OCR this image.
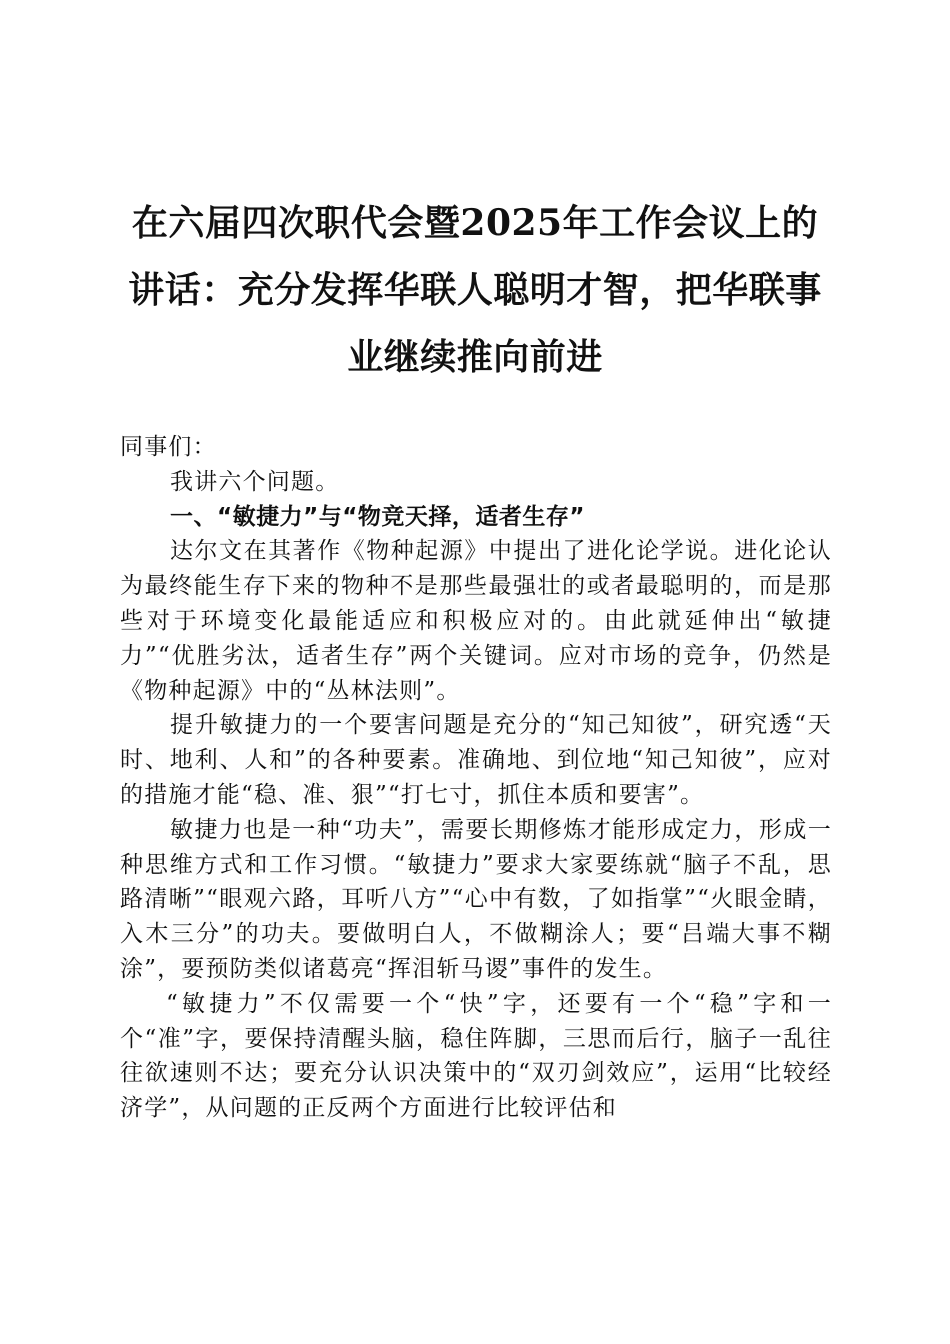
在六届四次职代会暨2025年工作会议上的讲话：充分发挥华联人聪明才智，把华联事业继续推向前进

同事们：

我讲六个问题。

一、“敏捷力”与“物竞天择，适者生存”

达尔文在其著作《物种起源》中提出了进化论学说。进化论认为最终能生存下来的物种不是那些最强壮的或者最聪明的，而是那些对于环境变化最能适应和积极应对的。由此就延伸出“敏捷力”“优胜劣汰，适者生存”两个关键词。应对市场的竞争，仍然是《物种起源》中的“丛林法则”。

提升敏捷力的一个要害问题是充分的“知己知彼”，研究透“天时、地利、人和”的各种要素。准确地、到位地“知己知彼”，应对的措施才能“稳、准、狠”“打七寸，抓住本质和要害”。

敏捷力也是一种“功夫”，需要长期修炼才能形成定力，形成一种思维方式和工作习惯。“敏捷力”要求大家要练就“脑子不乱，思路清晰”“眼观六路，耳听八方”“心中有数，了如指掌”“火眼金睛，入木三分”的功夫。要做明白人，不做糊涂人；要“吕端大事不糊涂”，要预防类似诸葛亮“挥泪斩马谡”事件的发生。

“敏捷力”不仅需要一个“快”字，还要有一个“稳”字和一个“准”字，要保持清醒头脑，稳住阵脚，三思而后行，脑子一乱往往欲速则不达；要充分认识决策中的“双刃剑效应”，运用“比较经济学”，从问题的正反两个方面进行比较评估和
